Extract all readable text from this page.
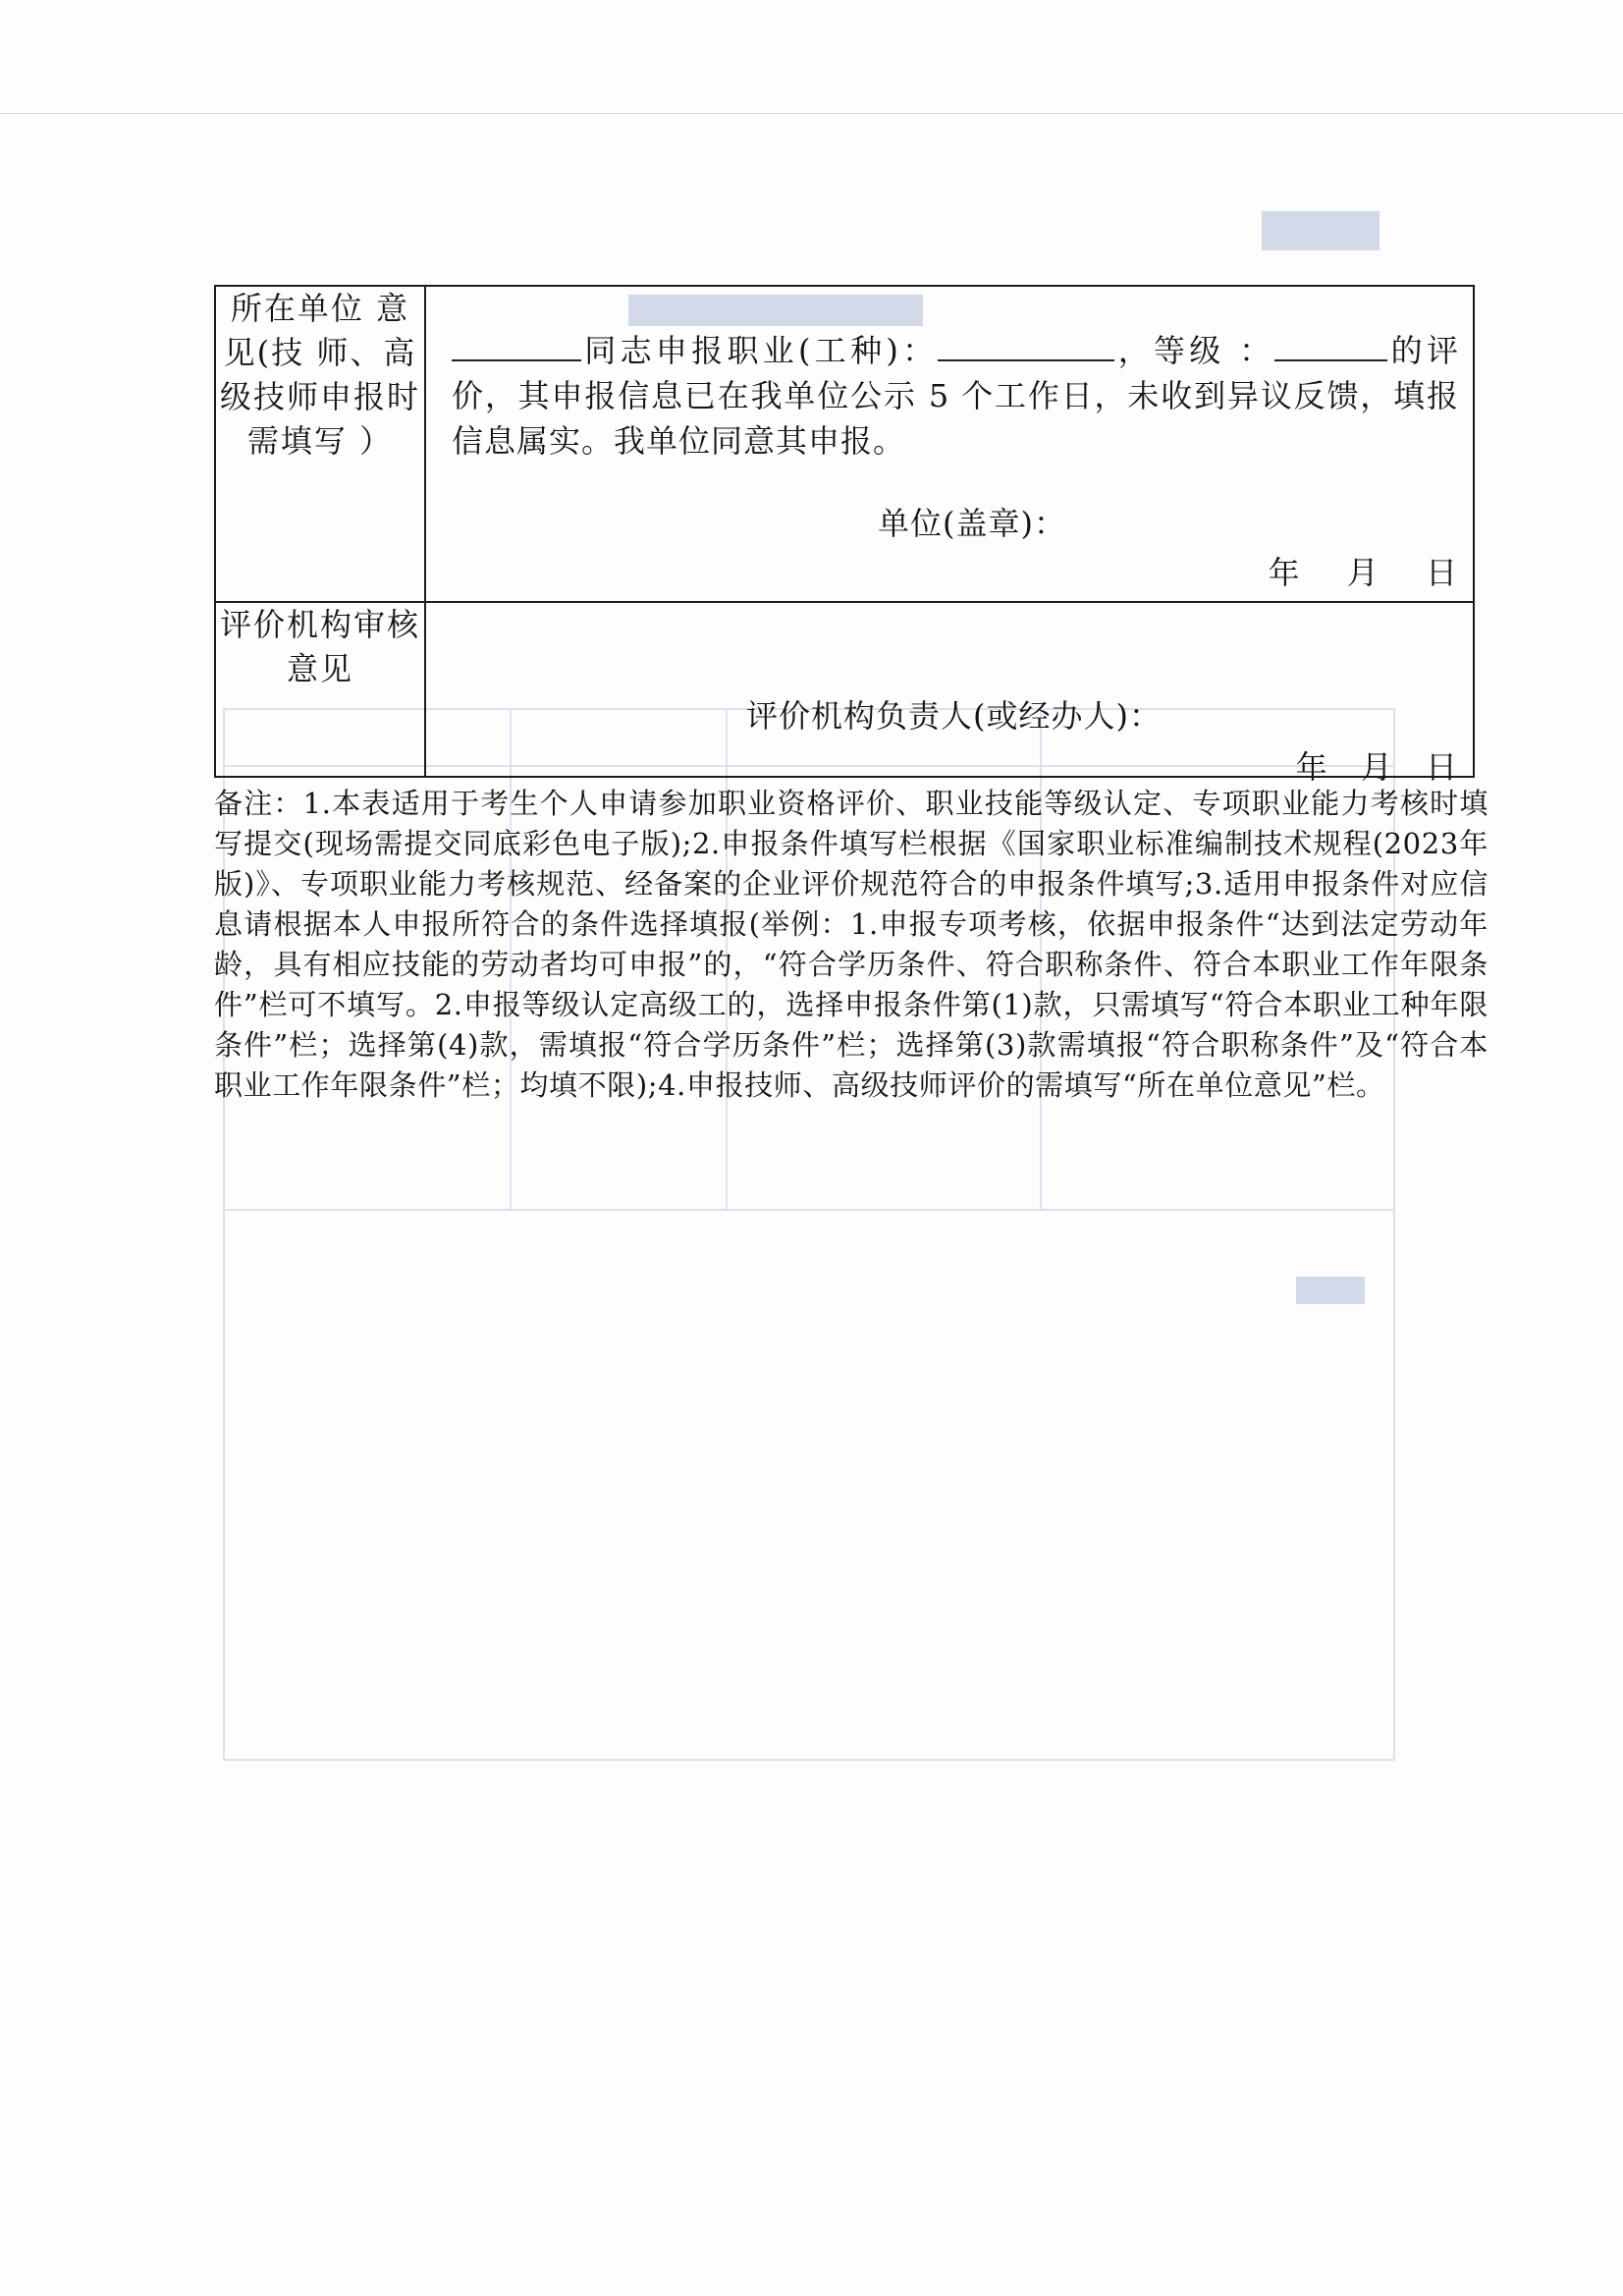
所在单位 意见(技 师、高级技师申报时需填写 ）	同志申报职业(工种)： ，等级 ： 的评价，其申报信息已在我单位公示 5 个工作日，未收到异议反馈，填报信息属实。我单位同意其申报。
单位(盖章)：
年 月 日

评价机构审核意见	评价机构负责人(或经办人)：
年 月 日
备注：1.本表适用于考生个人申请参加职业资格评价、职业技能等级认定、专项职业能力考核时填写提交(现场需提交同底彩色电子版);2.申报条件填写栏根据《国家职业标准编制技术规程(2023年版)》、专项职业能力考核规范、经备案的企业评价规范符合的申报条件填写;3.适用申报条件对应信息请根据本人申报所符合的条件选择填报(举例：1.申报专项考核，依据申报条件“达到法定劳动年龄，具有相应技能的劳动者均可申报”的，“符合学历条件、符合职称条件、符合本职业工作年限条件”栏可不填写。2.申报等级认定高级工的，选择申报条件第(1)款，只需填写“符合本职业工种年限条件”栏；选择第(4)款，需填报“符合学历条件”栏；选择第(3)款需填报“符合职称条件”及“符合本职业工作年限条件”栏；均填不限);4.申报技师、高级技师评价的需填写“所在单位意见”栏。
